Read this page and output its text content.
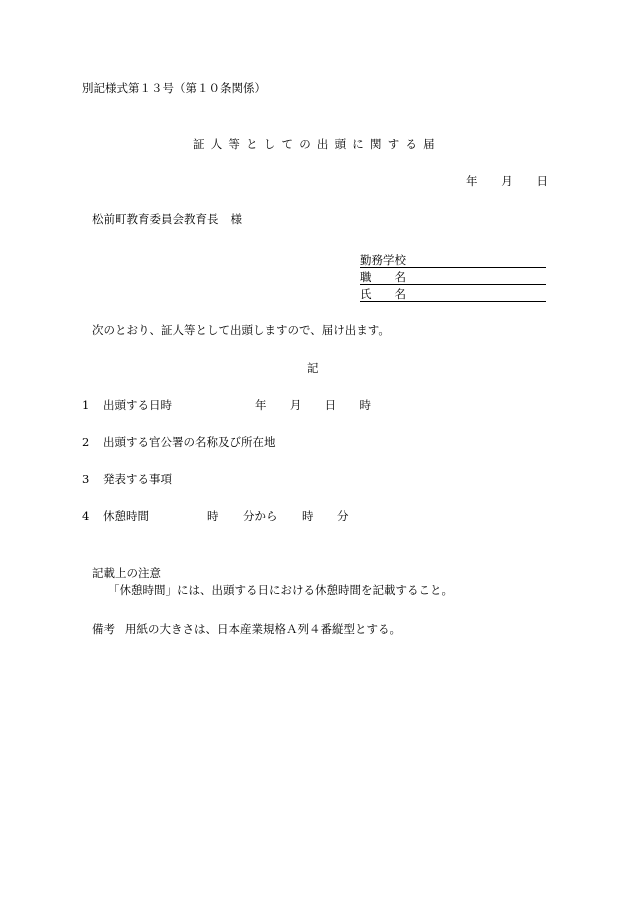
別記様式第１３号（第１０条関係）
証人等としての出頭に関する届
年 月 日
松前町教育委員会教育長 様
勤務学校
職 名
氏 名
次のとおり、証人等として出頭しますので、届け出ます。
記
1 出頭する日時	年 月 日 時
2 出頭する官公署の名称及び所在地
3 発表する事項
4 休憩時間	時 分から 時 分
記載上の注意
「休憩時間」には、出頭する日における休憩時間を記載すること。
備考 用紙の大きさは、日本産業規格Ａ列４番縦型とする。
